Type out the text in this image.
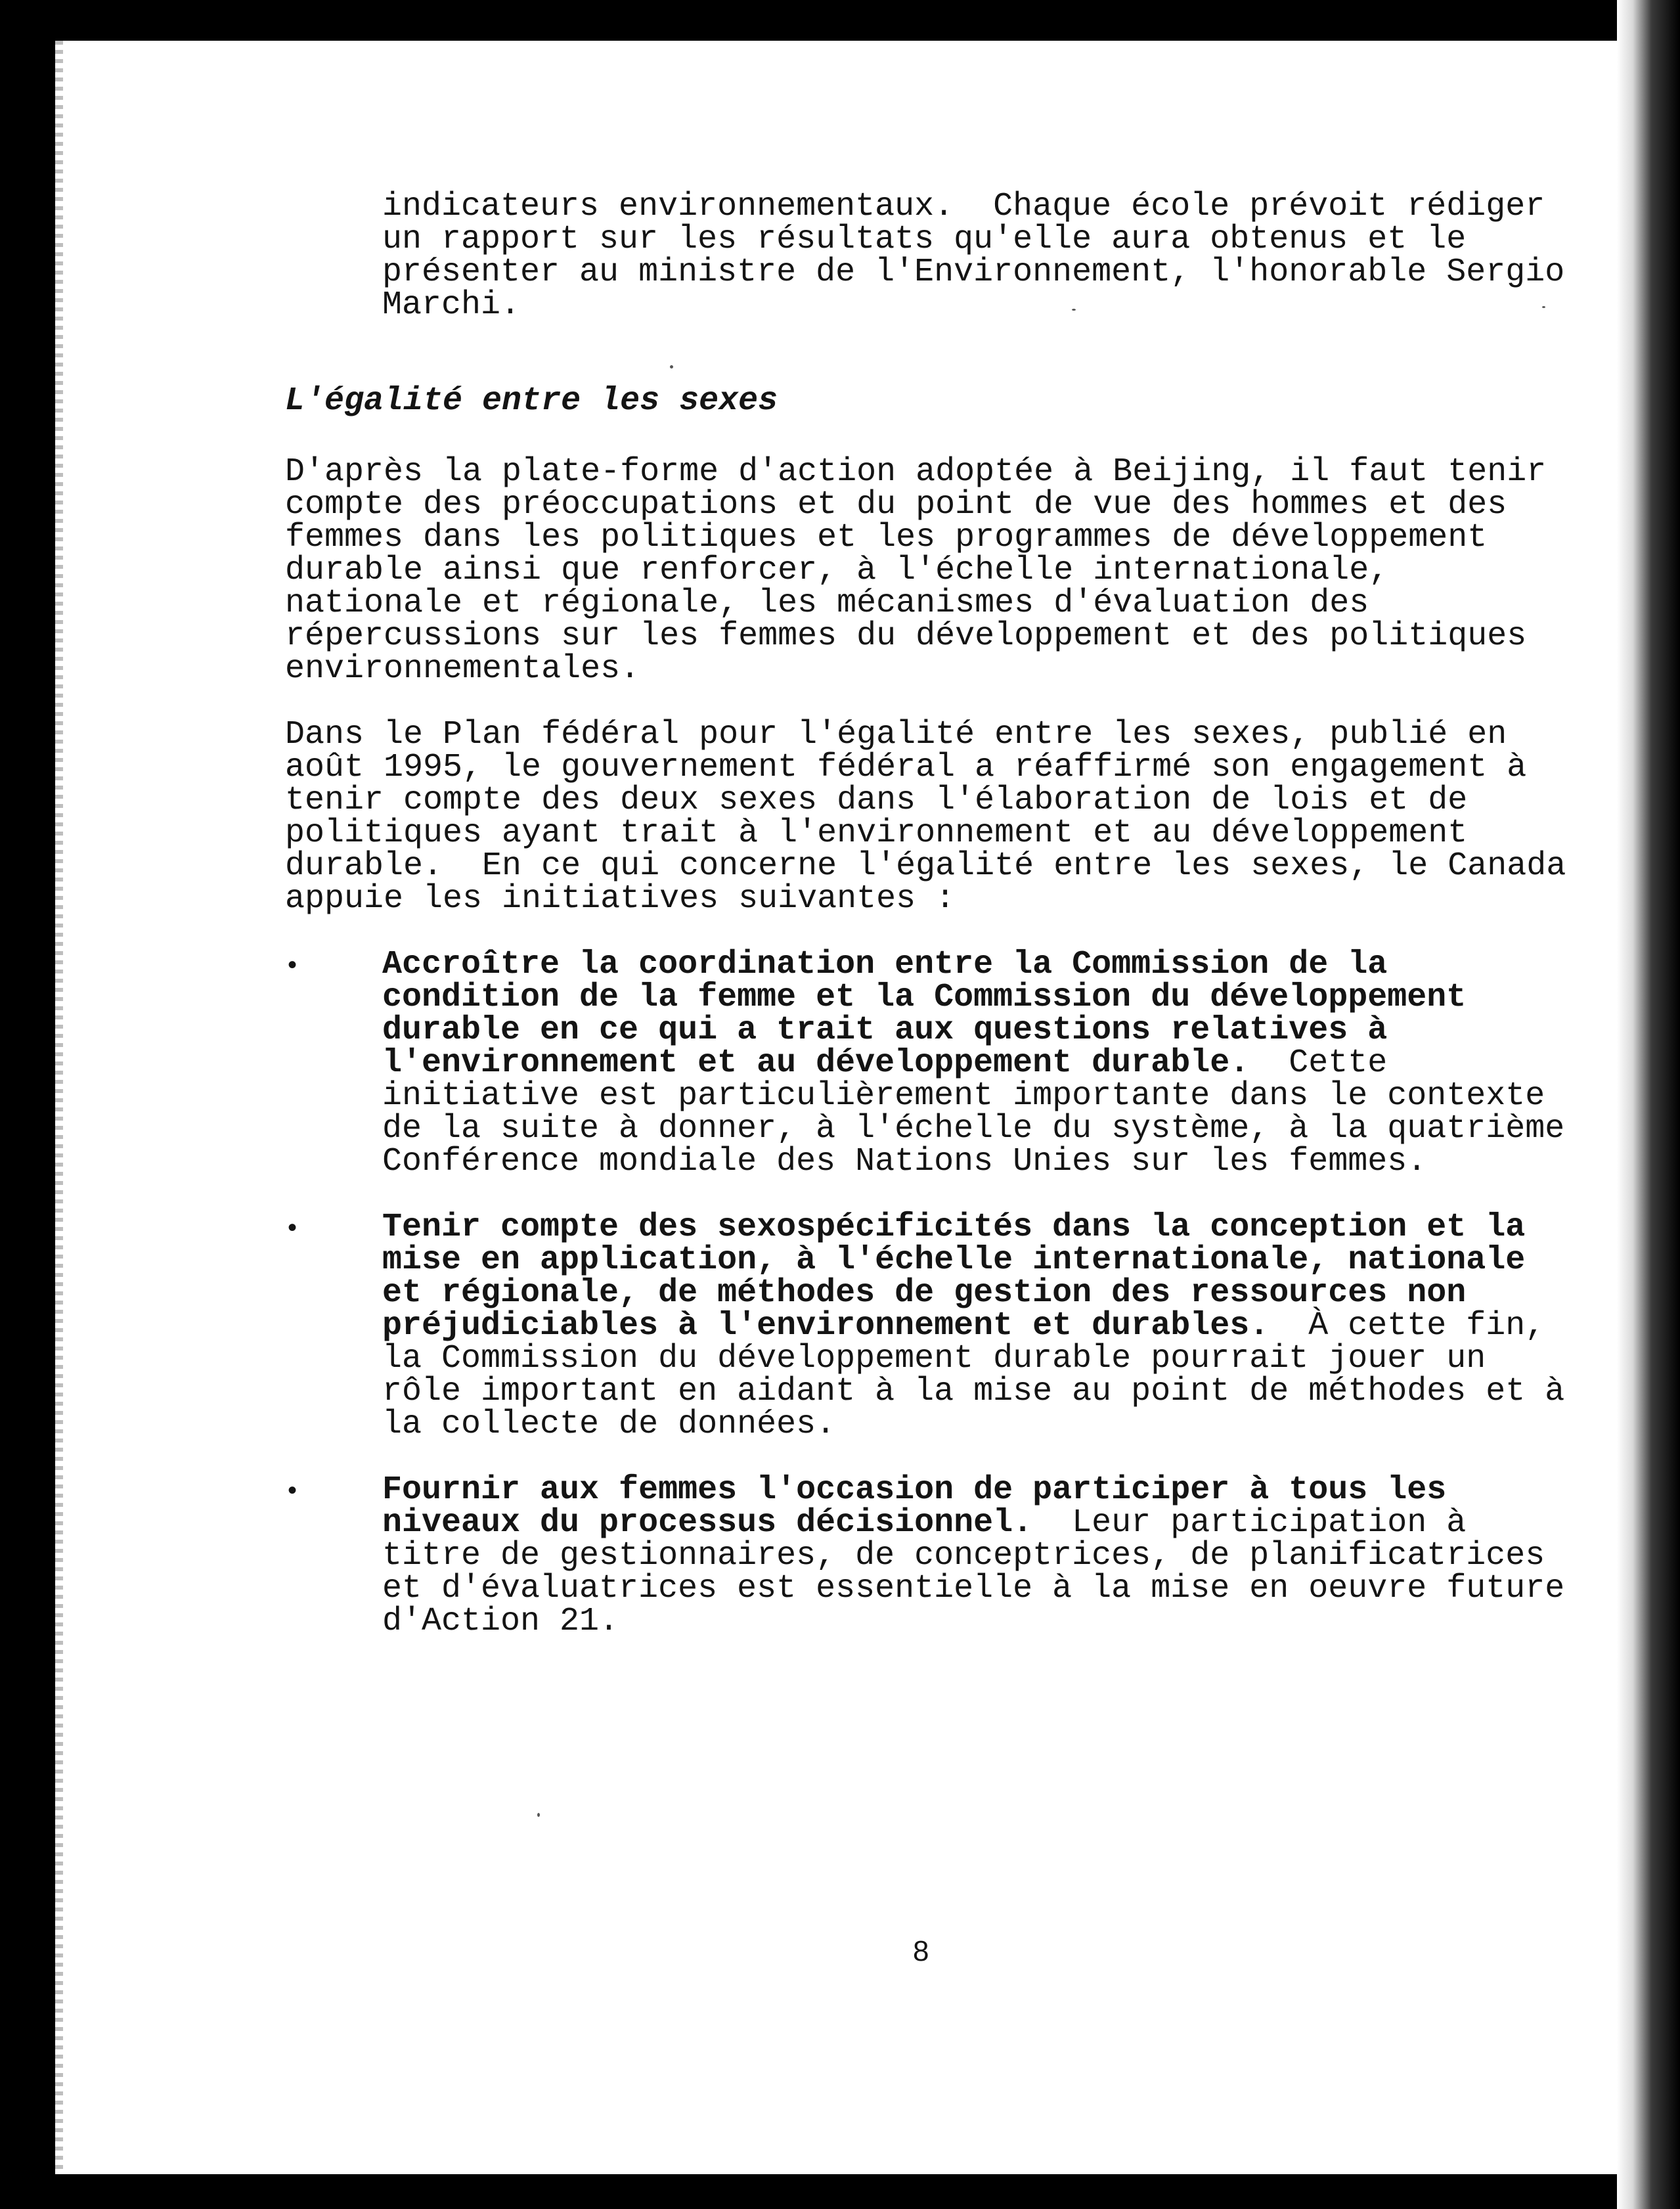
indicateurs environnementaux.  Chaque école prévoit rédiger

un rapport sur les résultats qu'elle aura obtenus et le

présenter au ministre de l'Environnement, l'honorable Sergio

Marchi.

L'égalité entre les sexes

D'après la plate-forme d'action adoptée à Beijing, il faut tenir

compte des préoccupations et du point de vue des hommes et des

femmes dans les politiques et les programmes de développement

durable ainsi que renforcer, à l'échelle internationale,

nationale et régionale, les mécanismes d'évaluation des

répercussions sur les femmes du développement et des politiques

environnementales.

Dans le Plan fédéral pour l'égalité entre les sexes, publié en

août 1995, le gouvernement fédéral a réaffirmé son engagement à

tenir compte des deux sexes dans l'élaboration de lois et de

politiques ayant trait à l'environnement et au développement

durable.  En ce qui concerne l'égalité entre les sexes, le Canada

appuie les initiatives suivantes :

•	Accroître la coordination entre la Commission de la
condition de la femme et la Commission du développement
durable en ce qui a trait aux questions relatives à
l'environnement et au développement durable.  Cette
initiative est particulièrement importante dans le contexte
de la suite à donner, à l'échelle du système, à la quatrième
Conférence mondiale des Nations Unies sur les femmes.
•	Tenir compte des sexospécificités dans la conception et la
mise en application, à l'échelle internationale, nationale
et régionale, de méthodes de gestion des ressources non
préjudiciables à l'environnement et durables.  À cette fin,
la Commission du développement durable pourrait jouer un
rôle important en aidant à la mise au point de méthodes et à
la collecte de données.
•	Fournir aux femmes l'occasion de participer à tous les
niveaux du processus décisionnel.  Leur participation à
titre de gestionnaires, de conceptrices, de planificatrices
et d'évaluatrices est essentielle à la mise en oeuvre future
d'Action 21.
8
